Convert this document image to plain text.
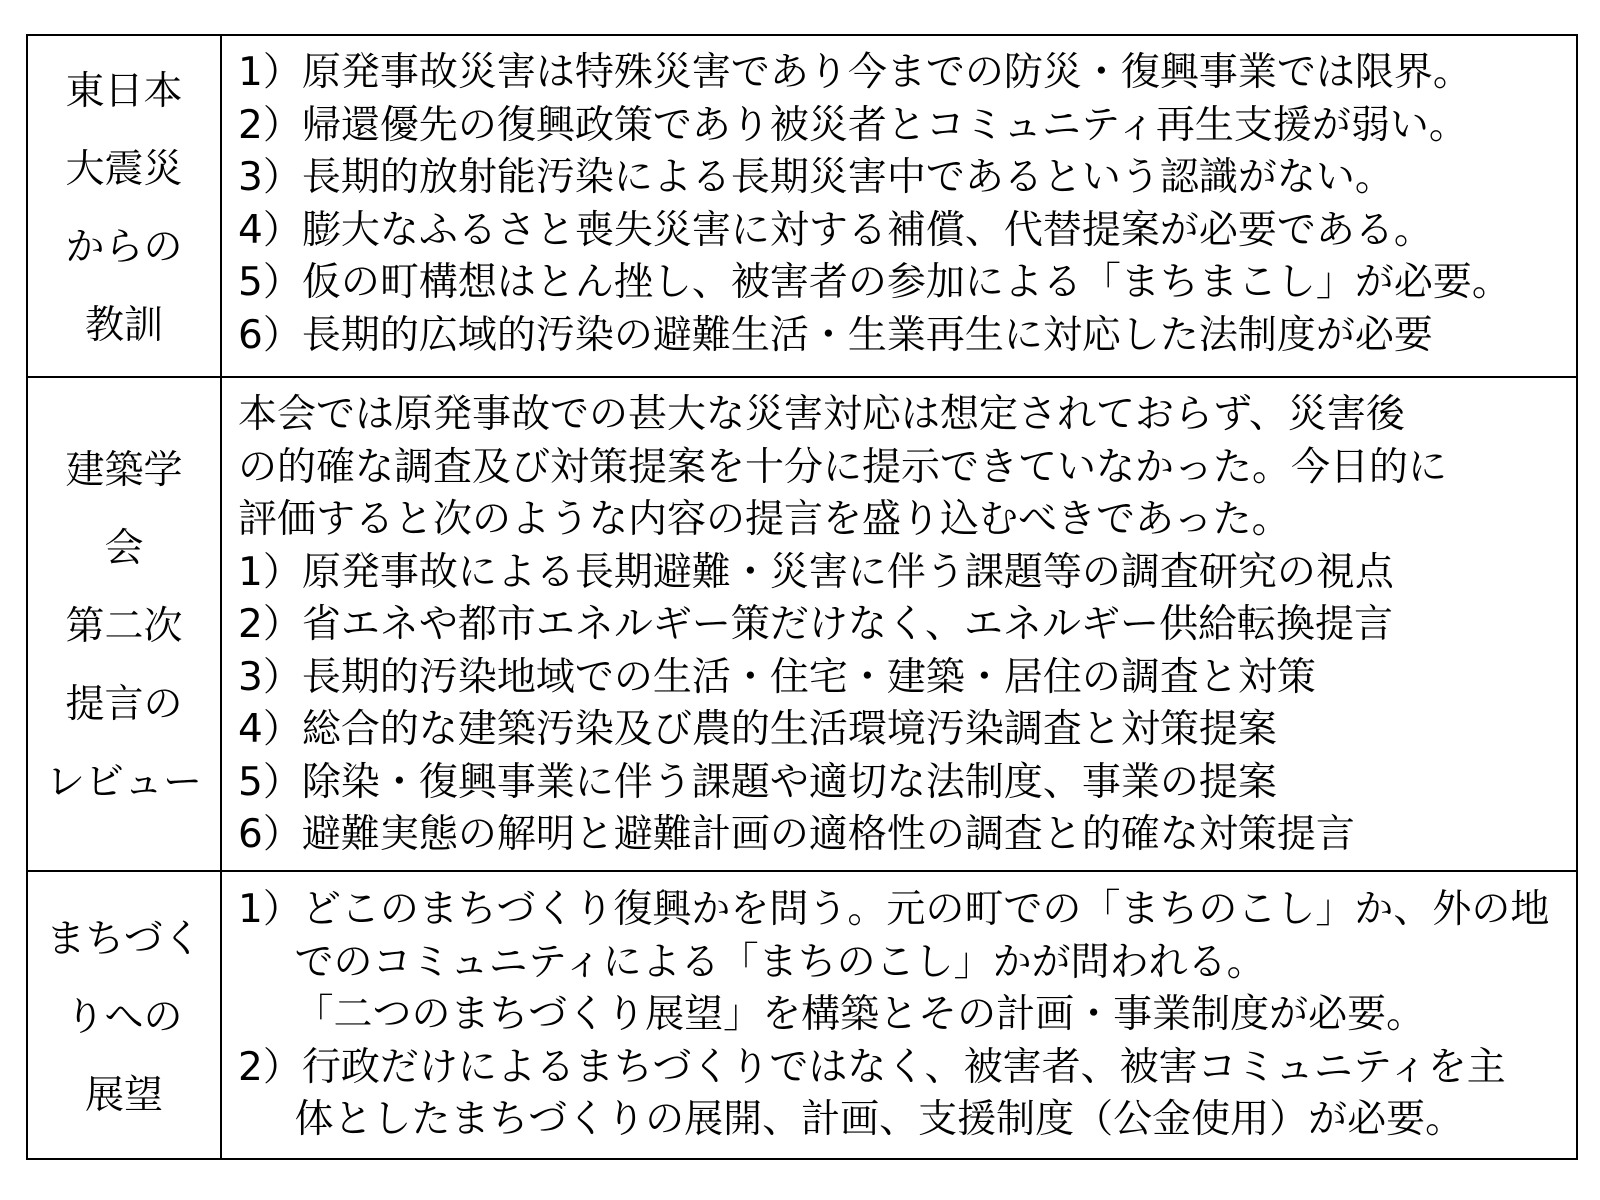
東日本
大震災
からの
教訓
1）原発事故災害は特殊災害であり今までの防災・復興事業では限界。
2）帰還優先の復興政策であり被災者とコミュニティ再生支援が弱い。
3）長期的放射能汚染による長期災害中であるという認識がない。
4）膨大なふるさと喪失災害に対する補償、代替提案が必要である。
5）仮の町構想はとん挫し、被害者の参加による「まちまこし」が必要。
6）長期的広域的汚染の避難生活・生業再生に対応した法制度が必要
建築学
会
第二次
提言の
レビュー
本会では原発事故での甚大な災害対応は想定されておらず、災害後
の的確な調査及び対策提案を十分に提示できていなかった。今日的に
評価すると次のような内容の提言を盛り込むべきであった。
1）原発事故による長期避難・災害に伴う課題等の調査研究の視点
2）省エネや都市エネルギー策だけなく、エネルギー供給転換提言
3）長期的汚染地域での生活・住宅・建築・居住の調査と対策
4）総合的な建築汚染及び農的生活環境汚染調査と対策提案
5）除染・復興事業に伴う課題や適切な法制度、事業の提案
6）避難実態の解明と避難計画の適格性の調査と的確な対策提言
まちづく
りへの
展望
1）どこのまちづくり復興かを問う。元の町での「まちのこし」か、外の地
でのコミュニティによる「まちのこし」かが問われる。
「二つのまちづくり展望」を構築とその計画・事業制度が必要。
2）行政だけによるまちづくりではなく、被害者、被害コミュニティを主
体としたまちづくりの展開、計画、支援制度（公金使用）が必要。
